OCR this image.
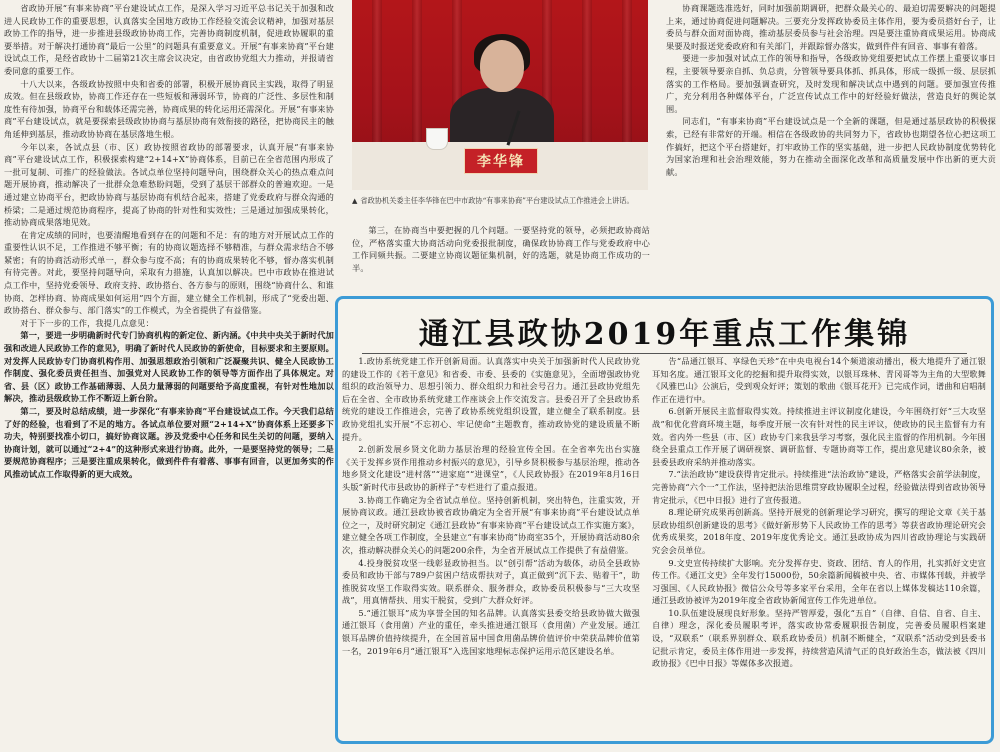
省政协开展“有事来协商”平台建设试点工作，是深入学习习近平总书记关于加强和改进人民政协工作的重要思想，认真落实全国地方政协工作经验交流会议精神，加强对基层政协工作的指导，进一步推进县级政协协商工作，完善协商制度机制，促进政协履职的重要举措。对于解决打通协商“最后一公里”的问题具有重要意义。开展“有事来协商”平台建设试点工作，是经省政协十二届第21次主席会议决定，由省政协党组大力推动，并报请省委同意的重要工作。

十八大以来，各级政协按照中央和省委的部署，积极开展协商民主实践，取得了明显成效。但在县级政协，协商工作还存在一些短板和薄弱环节，协商的广泛性、多层性和制度性有待加强，协商平台和载体还需完善，协商成果的转化运用还需深化。开展“有事来协商”平台建设试点，就是要探索县级政协协商与基层协商有效衔接的路径，把协商民主的触角延伸到基层，推动政协协商在基层落地生根。

今年以来，各试点县（市、区）政协按照省政协的部署要求，认真开展“有事来协商”平台建设试点工作，积极探索构建“2+14+X”协商体系，目前已在全省范围内形成了一批可复制、可推广的经验做法。各试点单位坚持问题导向，围绕群众关心的热点难点问题开展协商，推动解决了一批群众急难愁盼问题，受到了基层干部群众的普遍欢迎。一是通过建立协商平台，把政协协商与基层协商有机结合起来，搭建了党委政府与群众沟通的桥梁；二是通过规范协商程序，提高了协商的针对性和实效性；三是通过加强成果转化，推动协商成果落地见效。

在肯定成绩的同时，也要清醒地看到存在的问题和不足：有的地方对开展试点工作的重要性认识不足，工作推进不够平衡；有的协商议题选择不够精准，与群众需求结合不够紧密；有的协商活动形式单一，群众参与度不高；有的协商成果转化不够，督办落实机制有待完善。对此，要坚持问题导向，采取有力措施，认真加以解决。巴中市政协在推进试点工作中，坚持党委领导、政府支持、政协搭台、各方参与的原则，围绕“协商什么、和谁协商、怎样协商、协商成果如何运用”四个方面，建立健全工作机制，形成了“党委出题、政协搭台、群众参与、部门落实”的工作模式，为全省提供了有益借鉴。

对于下一步的工作，我提几点意见：

第一，要进一步明确新时代专门协商机构的新定位、新内涵。《中共中央关于新时代加强和改进人民政协工作的意见》，明确了新时代人民政协的新使命，目标要求和主要原则。对发挥人民政协专门协商机构作用、加强思想政治引领和广泛凝聚共识、健全人民政协工作制度、强化委员责任担当、加强党对人民政协工作的领导等方面作出了具体规定。对省、县（区）政协工作基础薄弱、人员力量薄弱的问题要给予高度重视，有针对性地加以解决，推动县级政协工作不断迈上新台阶。

第二，要及时总结成绩，进一步深化“有事来协商”平台建设试点工作。今天我们总结了好的经验，也看到了不足的地方。各试点单位要对照“2+14+X”协商体系上还要多下功夫，特别要找准小切口，搞好协商议题。涉及党委中心任务和民生关切的问题，要纳入协商计划，就可以通过“2+4”的这种形式来进行协商。此外，一是要坚持党的领导；二是要规范协商程序；三是要注重成果转化，做到件件有着落、事事有回音，以更加务实的作风推动试点工作取得新的更大成效。

李华锋
▲ 省政协机关委主任李华锋在巴中市政协“有事来协商”平台建设试点工作推进会上讲话。

第三，在协商当中要把握的几个问题。一要坚持党的领导，必须把政协商站位，严格落实重大协商活动向党委报批制度，确保政协协商工作与党委政府中心工作同频共振。二要建立协商议题征集机制，好的选题，就是协商工作成功的一半。

协商课题选准选好，同时加强前期调研，把群众最关心的、最迫切需要解决的问题提上来，通过协商促进问题解决。三要充分发挥政协委员主体作用，要为委员搭好台子，让委员与群众面对面协商，推动基层委员参与社会治理。四是要注重协商成果运用。协商成果要及时报送党委政府和有关部门，并跟踪督办落实，做到件件有回音、事事有着落。

要进一步加强对试点工作的领导和指导，各级政协党组要把试点工作摆上重要议事日程，主要领导要亲自抓、负总责，分管领导要具体抓、抓具体，形成一级抓一级、层层抓落实的工作格局。要加强调查研究，及时发现和解决试点中遇到的问题。要加强宣传推广，充分利用各种媒体平台，广泛宣传试点工作中的好经验好做法，营造良好的舆论氛围。

同志们，“有事来协商”平台建设试点是一个全新的课题，但是通过基层政协的积极探索，已经有非常好的开端。相信在各级政协的共同努力下，省政协也期望各位心把这项工作搞好，把这个平台搭建好，打牢政协工作的坚实基础，进一步把人民政协制度优势转化为国家治理和社会治理效能，努力在推动全面深化改革和高质量发展中作出新的更大贡献。

通江县政协2019年重点工作集锦

1.政协系统党建工作开创新局面。认真落实中央关于加强新时代人民政协党的建设工作的《若干意见》和省委、市委、县委的《实施意见》，全面增强政协党组织的政治领导力、思想引领力、群众组织力和社会号召力。通江县政协党组先后在全省、全市政协系统党建工作座谈会上作交流发言。县委召开了全县政协系统党的建设工作推进会，完善了政协系统党组织设置，建立健全了联系制度。县政协党组扎实开展“不忘初心、牢记使命”主题教育，推动政协党的建设质量不断提升。

2.创新发展乡贤文化助力基层治理的经验宣传全国。在全省率先出台实施《关于发挥乡贤作用推动乡村振兴的意见》，引导乡贤积极参与基层治理，推动各地乡贤文化建设“进村落”“进家庭”“进课堂”，《人民政协报》在2019年8月16日头版“新时代市县政协的新样子”专栏进行了重点报道。

3.协商工作确定为全省试点单位。坚持创新机制，突出特色，注重实效，开展协商议政。通江县政协被省政协确定为全省开展“有事来协商”平台建设试点单位之一，及时研究制定《通江县政协“有事来协商”平台建设试点工作实施方案》，建立健全各项工作制度，全县建立“有事来协商”协商室35个，开展协商活动80余次，推动解决群众关心的问题200余件，为全省开展试点工作提供了有益借鉴。

4.投身脱贫攻坚一线彰显政协担当。以“创引帮”活动为载体，动员全县政协委员和政协干部与789户贫困户结成帮扶对子，真正做到“沉下去、贴着干”，助推脱贫攻坚工作取得实效。联系群众、服务群众，政协委员积极参与“三大攻坚战”，用真情帮扶、用实干脱贫，受到广大群众好评。

5.“通江银耳”成为享誉全国的知名品牌。认真落实县委交给县政协做大做强通江银耳（食用菌）产业的重任，牵头推进通江银耳（食用菌）产业发展。通江银耳品牌价值持续提升，在全国首届中国食用菌品牌价值评价中荣获品牌价值第一名，2019年6月“通江银耳”入选国家地理标志保护运用示范区建设名单。

告“品通江银耳、享绿色天珍”在中央电视台14个频道滚动播出，极大地提升了通江银耳知名度。通江银耳文化的挖掘和提升取得实效，以银耳珠林、青冈哥等为主角的大型歌舞《风雅巴山》公演后，受到观众好评；策划的歌曲《银耳花开》已完成作词，谱曲和启唱制作正在进行中。

6.创新开展民主监督取得实效。持续推进主评议制度化建设，今年围绕打好“三大攻坚战”和优化营商环境主题，每季度开展一次有针对性的民主评议，使政协的民主监督有力有效。省内外一些县（市、区）政协专门来我县学习考察，强化民主监督的作用机制。今年围绕全县重点工作开展了调研视察、调研监督、专题协商等工作，提出意见建议80余条，被县委县政府采纳并推动落实。

7.“法治政协”建设获得肯定批示。持续推进“法治政协”建设，严格落实会前学法制度，完善协商“六个一”工作法，坚持把法治思维贯穿政协履职全过程，经验做法得到省政协领导肯定批示，《巴中日报》进行了宣传报道。

8.理论研究成果再创新高。坚持开展党的创新理论学习研究，撰写的理论文章《关于基层政协组织创新建设的思考》《做好新形势下人民政协工作的思考》等获省政协理论研究会优秀成果奖，2018年度、2019年度优秀论文。通江县政协成为四川省政协理论与实践研究会会员单位。

9.文史宣传持续扩大影响。充分发挥存史、资政、团结、育人的作用，扎实抓好文史宣传工作。《通江文史》全年发行15000份，50余篇新闻稿被中央、省、市媒体刊载，并被学习强国、《人民政协报》微信公众号等多家平台采用，全年在省以上媒体发稿达110余篇，通江县政协被评为2019年度全省政协新闻宣传工作先进单位。

10.队伍建设展现良好形象。坚持严管厚爱，强化“五自”（自律、自信、自省、自主、自律）理念，深化委员履职考评，落实政协常委履职报告制度，完善委员履职档案建设，“双联系”（联系界别群众、联系政协委员）机制不断健全，“双联系”活动受到县委书记批示肯定，委员主体作用进一步发挥，持续营造风清气正的良好政治生态，做法被《四川政协报》《巴中日报》等媒体多次报道。
